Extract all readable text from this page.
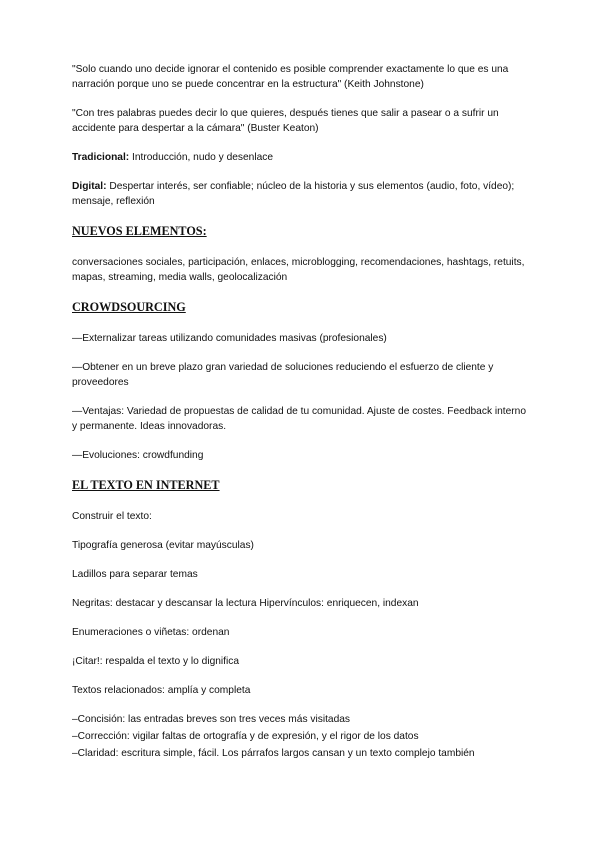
"Solo cuando uno decide ignorar el contenido es posible comprender exactamente lo que es una narración porque uno se puede concentrar en la estructura" (Keith Johnstone)

"Con tres palabras puedes decir lo que quieres, después tienes que salir a pasear o a sufrir un accidente para despertar a la cámara" (Buster Keaton)

Tradicional: Introducción, nudo y desenlace

Digital: Despertar interés, ser confiable; núcleo de la historia y sus elementos (audio, foto, vídeo); mensaje, reflexión

NUEVOS ELEMENTOS:

conversaciones sociales, participación, enlaces, microblogging, recomendaciones, hashtags, retuits, mapas, streaming, media walls, geolocalización

CROWDSOURCING

—Externalizar tareas utilizando comunidades masivas (profesionales)

—Obtener en un breve plazo gran variedad de soluciones reduciendo el esfuerzo de cliente y proveedores

—Ventajas: Variedad de propuestas de calidad de tu comunidad. Ajuste de costes. Feedback interno y permanente. Ideas innovadoras.

—Evoluciones: crowdfunding

EL TEXTO EN INTERNET

Construir el texto:

Tipografía generosa (evitar mayúsculas)

Ladillos para separar temas

Negritas: destacar y descansar la lectura Hipervínculos: enriquecen, indexan

Enumeraciones o viñetas: ordenan

¡Citar!: respalda el texto y lo dignifica

Textos relacionados: amplía y completa

–Concisión: las entradas breves son tres veces más visitadas

–Corrección: vigilar faltas de ortografía y de expresión, y el rigor de los datos

–Claridad: escritura simple, fácil. Los párrafos largos cansan y un texto complejo también
